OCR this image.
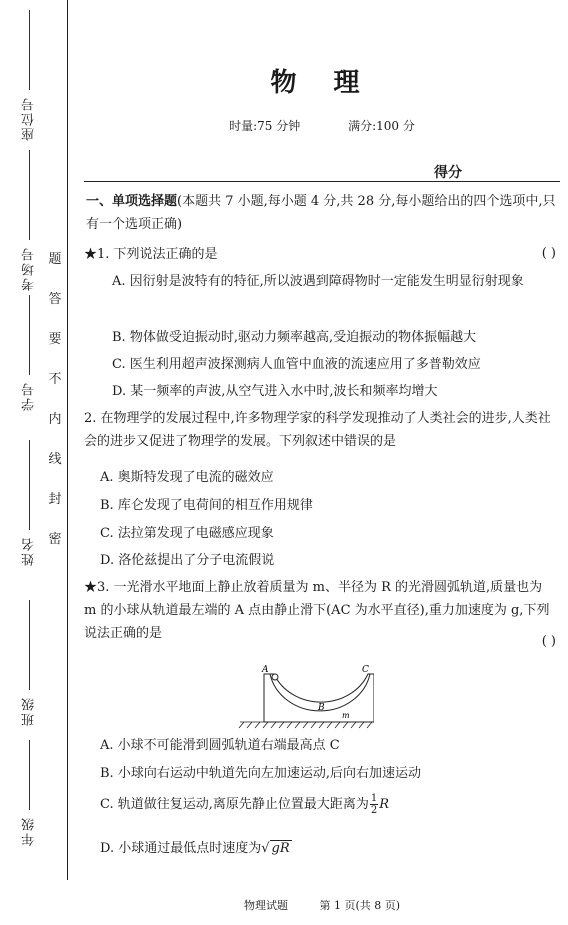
座位号
考场号
学号
姓名
班级
年级
题
答
要
不
内
线
封
密
物 理
时量:75 分钟	满分:100 分
得分
一、单项选择题(本题共 7 小题,每小题 4 分,共 28 分,每小题给出的四个选项中,只有一个选项正确)
★1. 下列说法正确的是	( )
A. 因衍射是波特有的特征,所以波遇到障碍物时一定能发生明显衍射现象
B. 物体做受迫振动时,驱动力频率越高,受迫振动的物体振幅越大
C. 医生利用超声波探测病人血管中血液的流速应用了多普勒效应
D. 某一频率的声波,从空气进入水中时,波长和频率均增大
2. 在物理学的发展过程中,许多物理学家的科学发现推动了人类社会的进步,人类社会的进步又促进了物理学的发展。下列叙述中错误的是
A. 奥斯特发现了电流的磁效应
B. 库仑发现了电荷间的相互作用规律
C. 法拉第发现了电磁感应现象
D. 洛伦兹提出了分子电流假说
★3. 一光滑水平地面上静止放着质量为 m、半径为 R 的光滑圆弧轨道,质量也为 m 的小球从轨道最左端的 A 点由静止滑下(AC 为水平直径),重力加速度为 g,下列说法正确的是
( )
A. 小球不可能滑到圆弧轨道右端最高点 C
B. 小球向右运动中轨道先向左加速运动,后向右加速运动
C. 轨道做往复运动,离原先静止位置最大距离为 $\frac{1}{2}$ R
D. 小球通过最低点时速度为√ gR
物理试题	第 1 页(共 8 页)
A	C
B
m
